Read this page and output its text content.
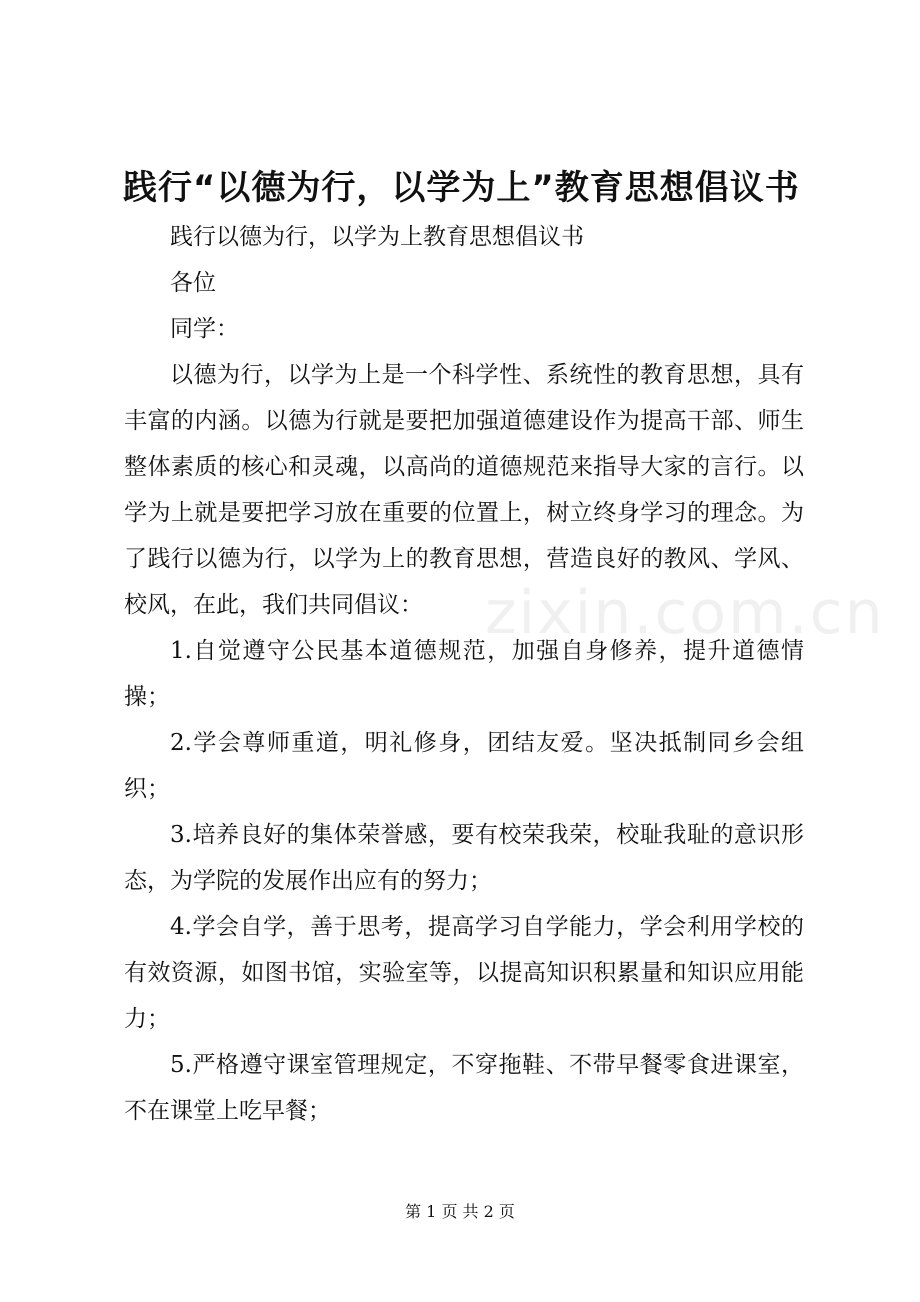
践行“以德为行，以学为上”教育思想倡议书

践行以德为行，以学为上教育思想倡议书

各位

同学：

以德为行，以学为上是一个科学性、系统性的教育思想，具有丰富的内涵。以德为行就是要把加强道德建设作为提高干部、师生整体素质的核心和灵魂，以高尚的道德规范来指导大家的言行。以学为上就是要把学习放在重要的位置上，树立终身学习的理念。为了践行以德为行，以学为上的教育思想，营造良好的教风、学风、校风，在此，我们共同倡议：

1.自觉遵守公民基本道德规范，加强自身修养，提升道德情操；

2.学会尊师重道，明礼修身，团结友爱。坚决抵制同乡会组织；

3.培养良好的集体荣誉感，要有校荣我荣，校耻我耻的意识形态，为学院的发展作出应有的努力；

4.学会自学，善于思考，提高学习自学能力，学会利用学校的有效资源，如图书馆，实验室等，以提高知识积累量和知识应用能力；

5.严格遵守课室管理规定，不穿拖鞋、不带早餐零食进课室，不在课堂上吃早餐；

zixin.com.cn
第 1 页 共 2 页
